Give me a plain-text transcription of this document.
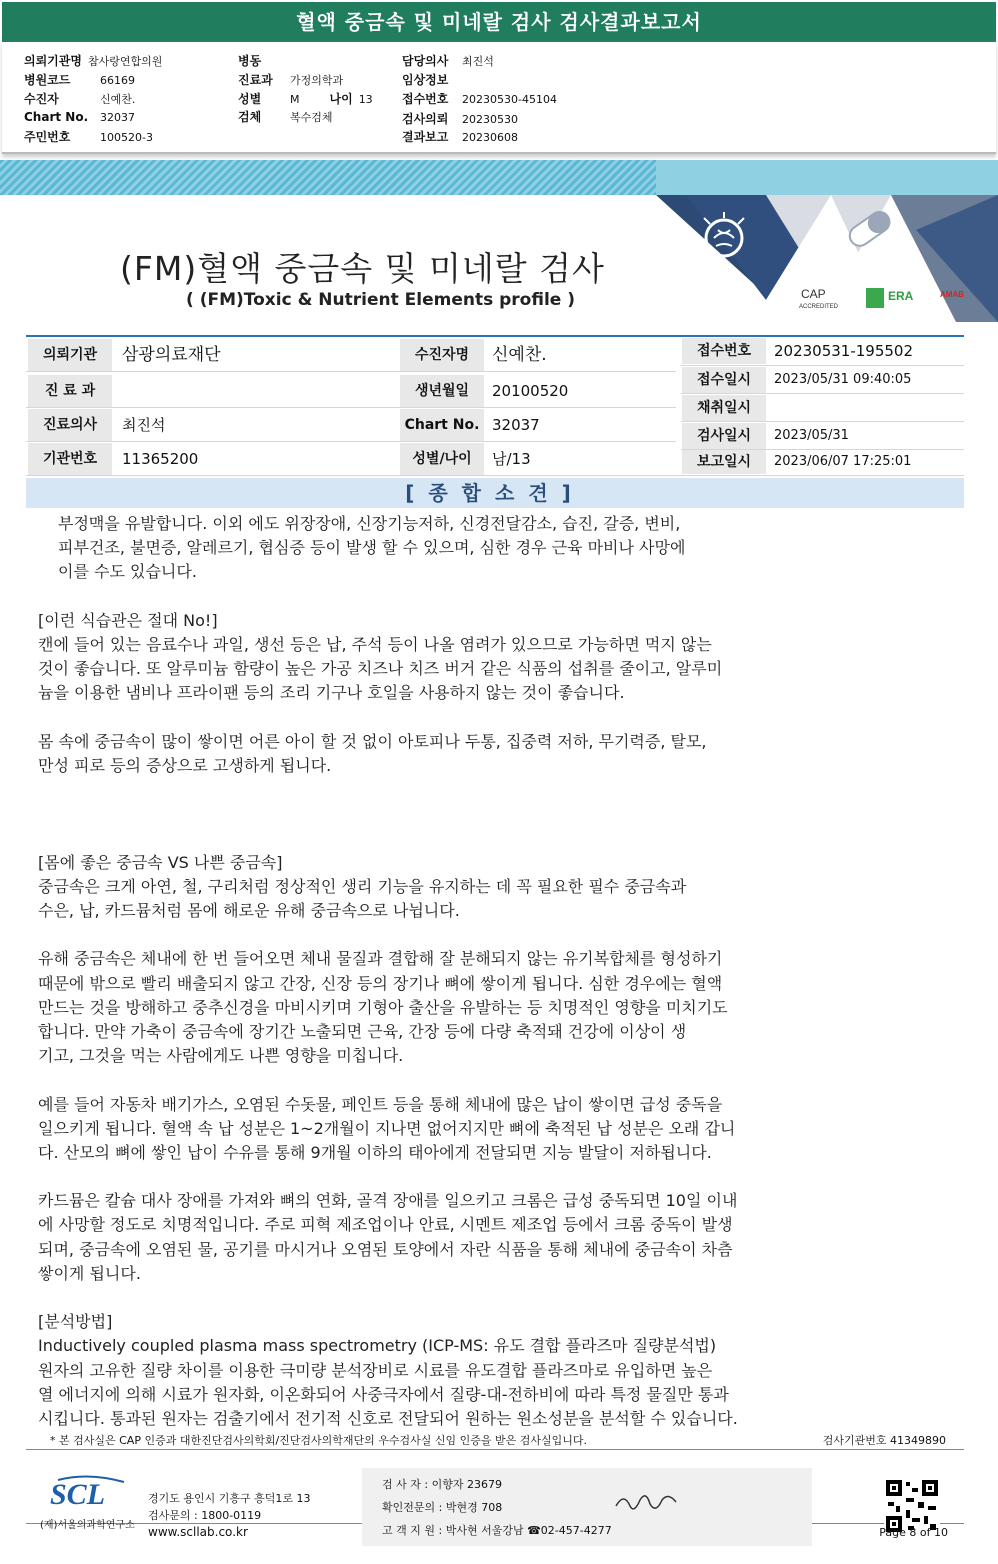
혈액 중금속 및 미네랄 검사 검사결과보고서
의뢰기관명 참사랑연합의원
병원코드	66169
수진자	신예찬.
Chart No. 32037
주민번호	100520-3
병동
진료과 가정의학과
성별	M	나이 13
검체	복수검체
담당의사 최진석
임상정보
접수번호 20230530-45104
검사의뢰 20230530
결과보고 20230608
CAP
ACCREDITED
ERA	AMAB
(FM)혈액 중금속 및 미네랄 검사
( (FM)Toxic & Nutrient Elements profile )
의뢰기관	삼광의료재단
진 료 과
진료의사	최진석
기관번호	11365200
수진자명	신예찬.
생년월일	20100520
Chart No. 32037
성별/나이	남/13
접수번호	20230531-195502
접수일시	2023/05/31 09:40:05
채취일시
검사일시	2023/05/31
보고일시	2023/06/07 17:25:01
[종합소견]
부정맥을 유발합니다. 이외 에도 위장장애, 신장기능저하, 신경전달감소, 습진, 갈증, 변비,
피부건조, 불면증, 알레르기, 협심증 등이 발생 할 수 있으며, 심한 경우 근육 마비나 사망에
이를 수도 있습니다.
[이런 식습관은 절대 No!]
캔에 들어 있는 음료수나 과일, 생선 등은 납, 주석 등이 나올 염려가 있으므로 가능하면 먹지 않는
것이 좋습니다. 또 알루미늄 함량이 높은 가공 치즈나 치즈 버거 같은 식품의 섭취를 줄이고, 알루미
늄을 이용한 냄비나 프라이팬 등의 조리 기구나 호일을 사용하지 않는 것이 좋습니다.
몸 속에 중금속이 많이 쌓이면 어른 아이 할 것 없이 아토피나 두통, 집중력 저하, 무기력증, 탈모,
만성 피로 등의 증상으로 고생하게 됩니다.
[몸에 좋은 중금속 VS 나쁜 중금속]
중금속은 크게 아연, 철, 구리처럼 정상적인 생리 기능을 유지하는 데 꼭 필요한 필수 중금속과
수은, 납, 카드뮴처럼 몸에 해로운 유해 중금속으로 나뉩니다.
유해 중금속은 체내에 한 번 들어오면 체내 물질과 결합해 잘 분해되지 않는 유기복합체를 형성하기
때문에 밖으로 빨리 배출되지 않고 간장, 신장 등의 장기나 뼈에 쌓이게 됩니다. 심한 경우에는 혈액
만드는 것을 방해하고 중추신경을 마비시키며 기형아 출산을 유발하는 등 치명적인 영향을 미치기도
합니다. 만약 가축이 중금속에 장기간 노출되면 근육, 간장 등에 다량 축적돼 건강에 이상이 생
기고, 그것을 먹는 사람에게도 나쁜 영향을 미칩니다.
예를 들어 자동차 배기가스, 오염된 수돗물, 페인트 등을 통해 체내에 많은 납이 쌓이면 급성 중독을
일으키게 됩니다. 혈액 속 납 성분은 1~2개월이 지나면 없어지지만 뼈에 축적된 납 성분은 오래 갑니
다. 산모의 뼈에 쌓인 납이 수유를 통해 9개월 이하의 태아에게 전달되면 지능 발달이 저하됩니다.
카드뮴은 칼슘 대사 장애를 가져와 뼈의 연화, 골격 장애를 일으키고 크롬은 급성 중독되면 10일 이내
에 사망할 정도로 치명적입니다. 주로 피혁 제조업이나 안료, 시멘트 제조업 등에서 크롬 중독이 발생
되며, 중금속에 오염된 물, 공기를 마시거나 오염된 토양에서 자란 식품을 통해 체내에 중금속이 차츰
쌓이게 됩니다.
[분석방법]
Inductively coupled plasma mass spectrometry (ICP-MS: 유도 결합 플라즈마 질량분석법)
원자의 고유한 질량 차이를 이용한 극미량 분석장비로 시료를 유도결합 플라즈마로 유입하면 높은
열 에너지에 의해 시료가 원자화, 이온화되어 사중극자에서 질량-대-전하비에 따라 특정 물질만 통과
시킵니다. 통과된 원자는 검출기에서 전기적 신호로 전달되어 원하는 원소성분을 분석할 수 있습니다.
* 본 검사실은 CAP 인증과 대한진단검사의학회/진단검사의학재단의 우수검사실 신임 인증을 받은 검사실입니다.	검사기관번호 41349890
SCL
(재)서울의과학연구소
경기도 용인시 기흥구 흥덕1로 13
검사문의 : 1800-0119
www.scllab.co.kr
검 사 자 : 이향자 23679
확인전문의 : 박현경 708
고 객 지 원 : 박사현 서울강남 ☎02-457-4277	Page 8 of 10
